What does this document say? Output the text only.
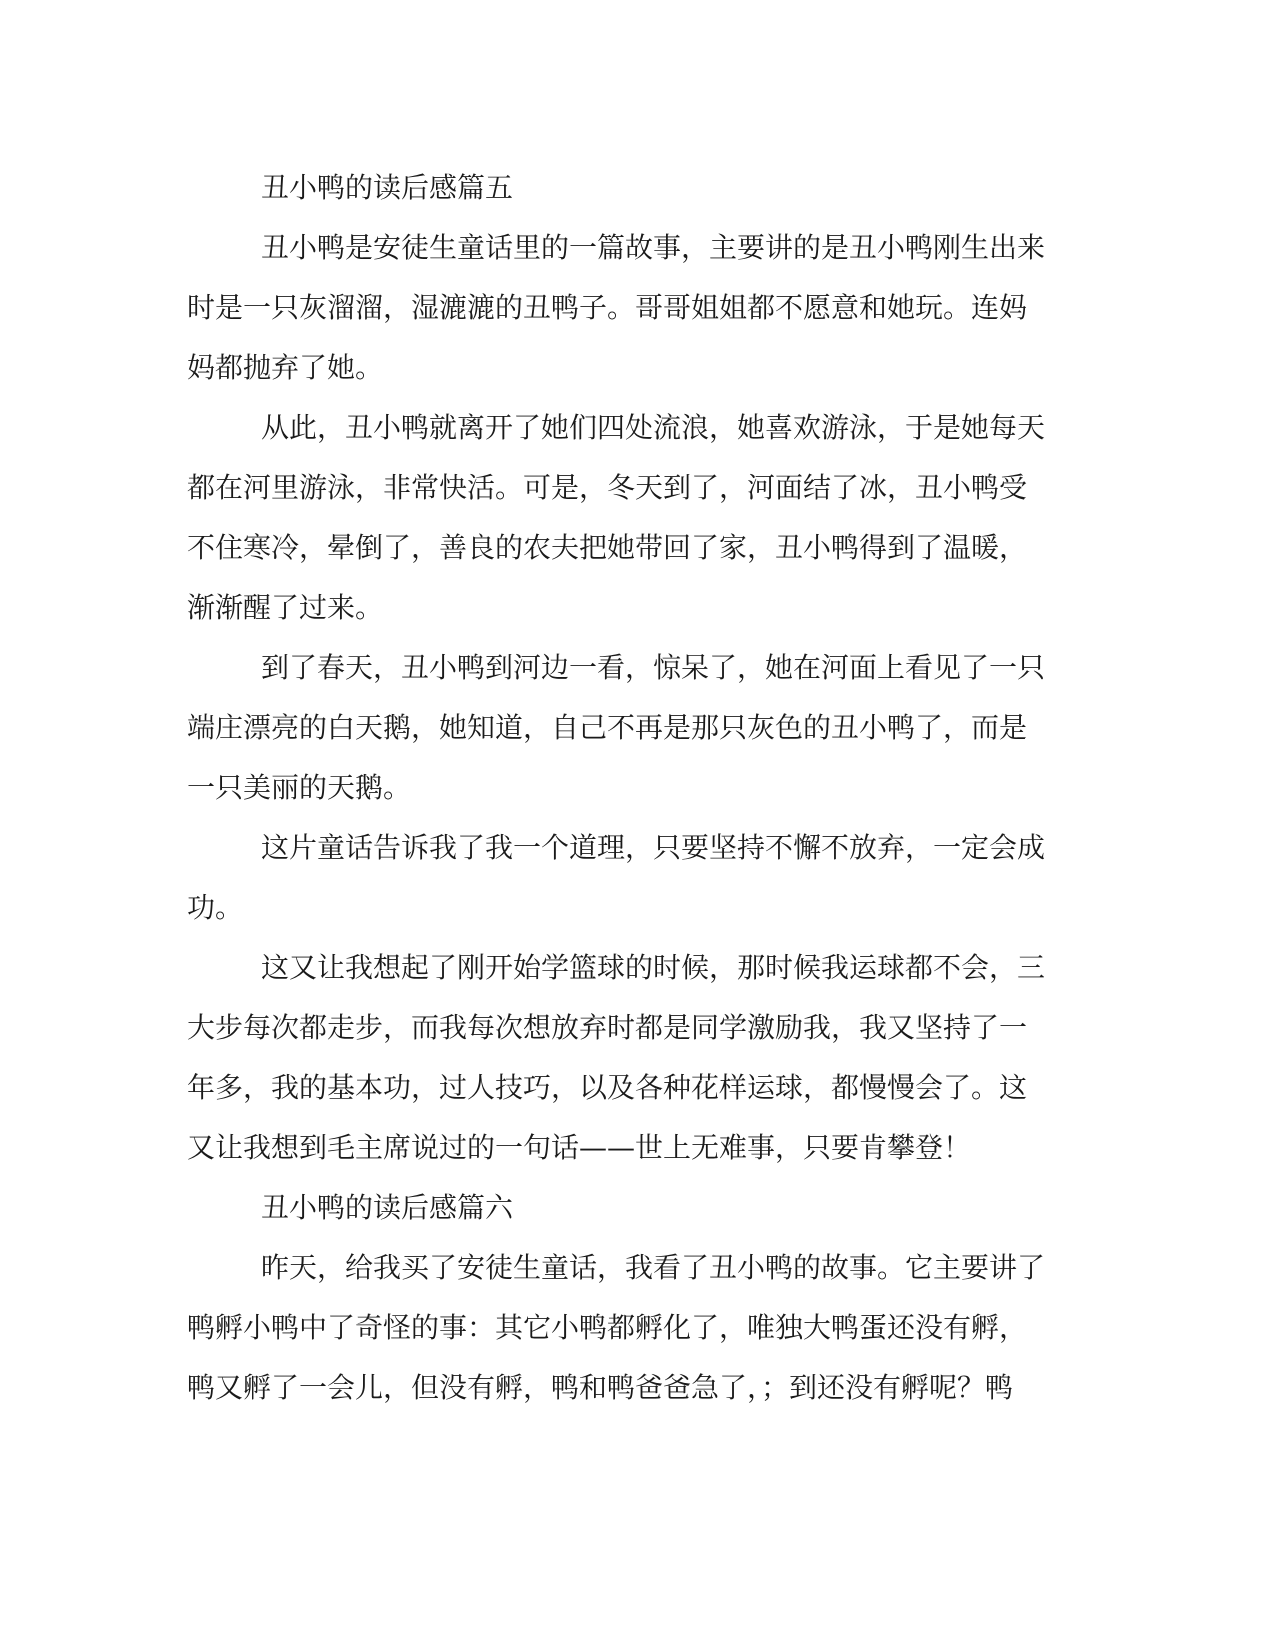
丑小鸭的读后感篇五
丑小鸭是安徒生童话里的一篇故事，主要讲的是丑小鸭刚生出来
时是一只灰溜溜，湿漉漉的丑鸭子。哥哥姐姐都不愿意和她玩。连妈
妈都抛弃了她。
从此，丑小鸭就离开了她们四处流浪，她喜欢游泳，于是她每天
都在河里游泳，非常快活。可是，冬天到了，河面结了冰，丑小鸭受
不住寒冷，晕倒了，善良的农夫把她带回了家，丑小鸭得到了温暖，
渐渐醒了过来。
到了春天，丑小鸭到河边一看，惊呆了，她在河面上看见了一只
端庄漂亮的白天鹅，她知道，自己不再是那只灰色的丑小鸭了，而是
一只美丽的天鹅。
这片童话告诉我了我一个道理，只要坚持不懈不放弃，一定会成
功。
这又让我想起了刚开始学篮球的时候，那时候我运球都不会，三
大步每次都走步，而我每次想放弃时都是同学激励我，我又坚持了一
年多，我的基本功，过人技巧，以及各种花样运球，都慢慢会了。这
又让我想到毛主席说过的一句话——世上无难事，只要肯攀登！
丑小鸭的读后感篇六
昨天，给我买了安徒生童话，我看了丑小鸭的故事。它主要讲了
鸭孵小鸭中了奇怪的事：其它小鸭都孵化了，唯独大鸭蛋还没有孵，
鸭又孵了一会儿，但没有孵，鸭和鸭爸爸急了，；到还没有孵呢？鸭
